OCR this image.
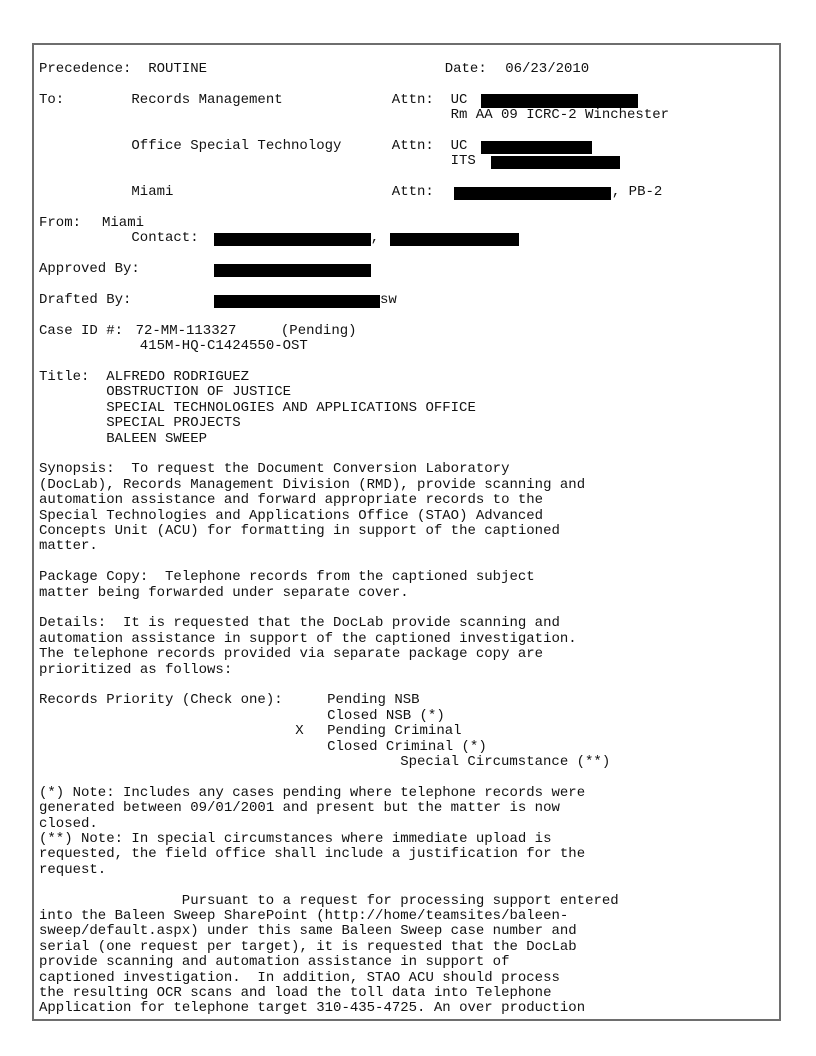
Precedence: ROUTINE	Date: 06/23/2010
To:	Records Management	Attn: UC
Rm AA 09 ICRC-2 Winchester
Office Special Technology	Attn: UC
ITS
Miami	Attn:	, PB-2
From: Miami
Contact:	,
Approved By:
Drafted By:	sw
Case ID #: 72-MM-113327	(Pending)
415M-HQ-C1424550-OST
Title: ALFREDO RODRIGUEZ
OBSTRUCTION OF JUSTICE
SPECIAL TECHNOLOGIES AND APPLICATIONS OFFICE
SPECIAL PROJECTS
BALEEN SWEEP
Synopsis:  To request the Document Conversion Laboratory
(DocLab), Records Management Division (RMD), provide scanning and
automation assistance and forward appropriate records to the
Special Technologies and Applications Office (STAO) Advanced
Concepts Unit (ACU) for formatting in support of the captioned
matter.
Package Copy:  Telephone records from the captioned subject
matter being forwarded under separate cover.
Details:  It is requested that the DocLab provide scanning and
automation assistance in support of the captioned investigation.
The telephone records provided via separate package copy are
prioritized as follows:
Records Priority (Check one):	Pending NSB
Closed NSB (*)
X Pending Criminal
Closed Criminal (*)
Special Circumstance (**)
(*) Note: Includes any cases pending where telephone records were
generated between 09/01/2001 and present but the matter is now
closed.
(**) Note: In special circumstances where immediate upload is
requested, the field office shall include a justification for the
request.
Pursuant to a request for processing support entered
into the Baleen Sweep SharePoint (http://home/teamsites/baleen-
sweep/default.aspx) under this same Baleen Sweep case number and
serial (one request per target), it is requested that the DocLab
provide scanning and automation assistance in support of
captioned investigation.  In addition, STAO ACU should process
the resulting OCR scans and load the toll data into Telephone
Application for telephone target 310-435-4725. An over production
